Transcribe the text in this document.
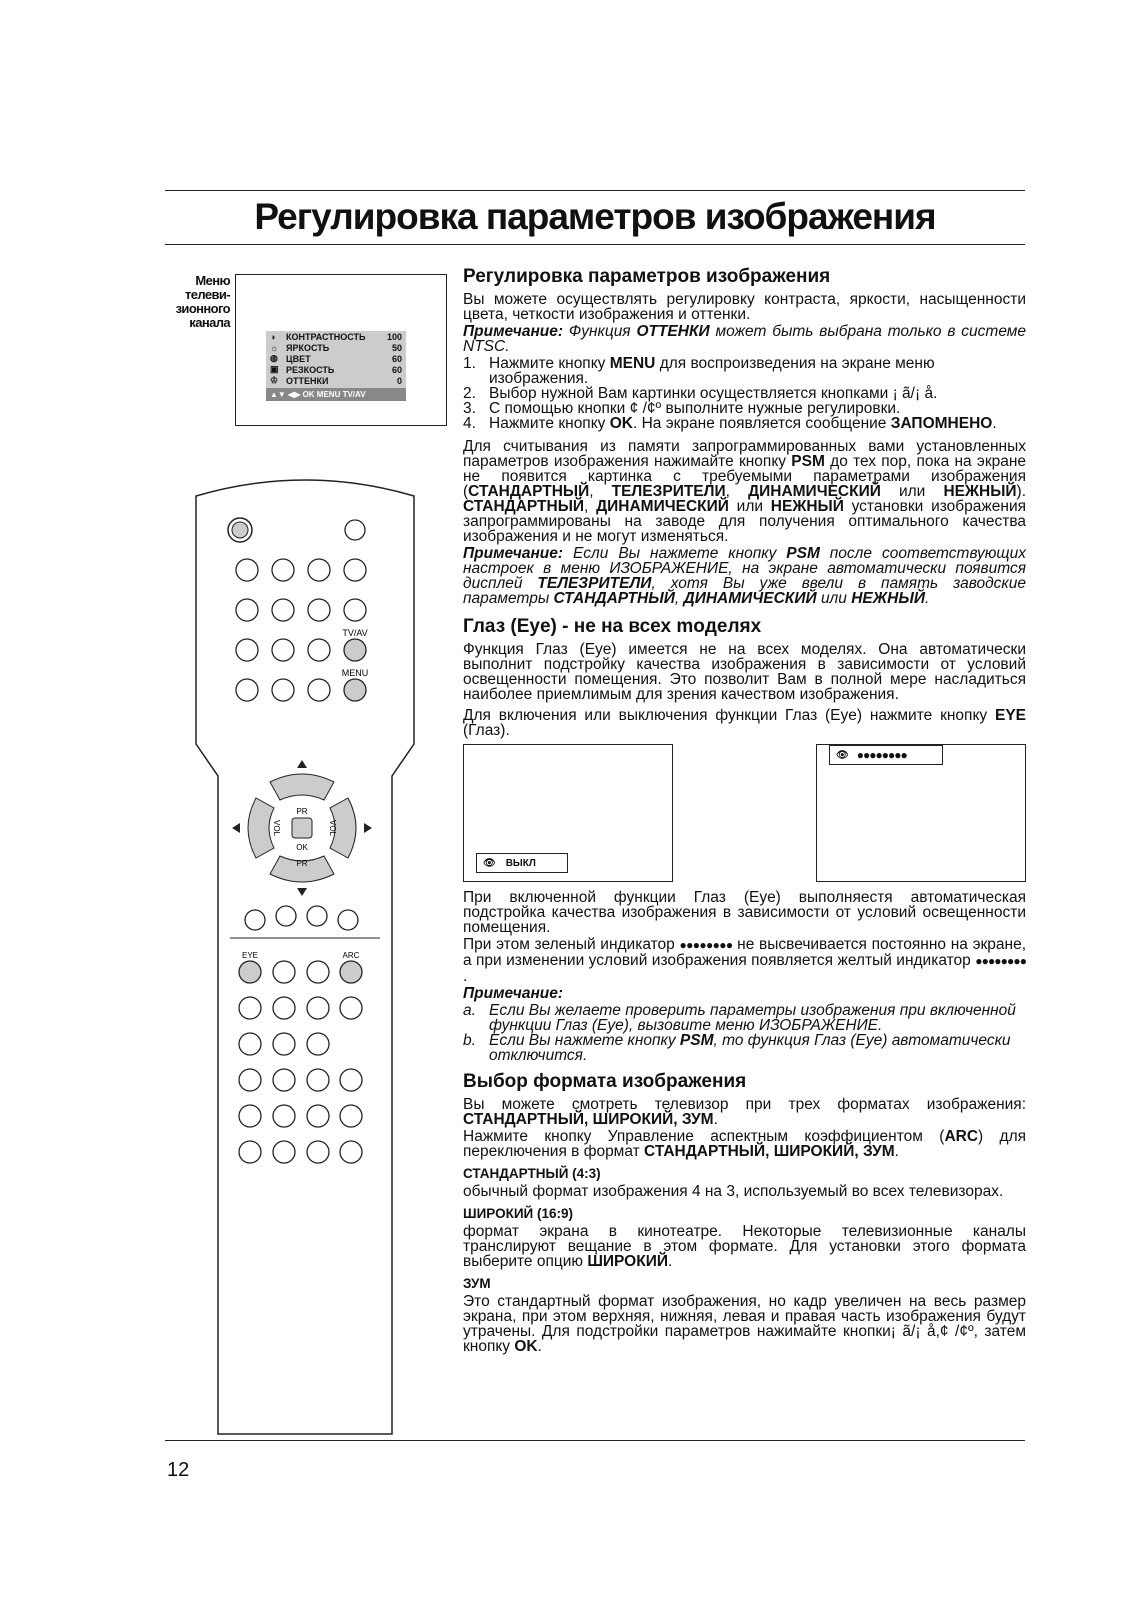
Регулировка параметров изображения
Меню
телеви-
зионного
канала
◑	КОНТРАСТНОСТЬ	100
☼ ЯРКОСТЬ	50
◍ ЦВЕТ	60
▣ РЕЗКОСТЬ	60
♔ ОТТЕНКИ	0
▲▼ ◀▶ OK MENU TV/AV
TV/AV
MENU
PR
OK
PR
VOL	VOL
EYE	ARC
Регулировка параметров изображения

Вы можете осуществлять регулировку контраста, яркости, насыщенности цвета, четкости изображения и оттенки.

Примечание: Функция ОТТЕНКИ может быть выбрана только в системе NTSC.

1. Нажмите кнопку MENU для воспроизведения на экране меню изображения.
2. Выбор нужной Вам картинки осуществляется кнопками ¡ ã/¡ å.
3. С помощью кнопки ¢ /¢º выполните нужные регулировки.
4. Нажмите кнопку OK. На экране появляется сообщение ЗАПОМНЕНО.

Для считывания из памяти запрограммированных вами установленных параметров изображения нажимайте кнопку PSM до тех пор, пока на экране не появится картинка с требуемыми параметрами изображения (СТАНДАРТНЫЙ, ТЕЛЕЗРИТЕЛИ, ДИНАМИЧЕСКИЙ или НЕЖНЫЙ). СТАНДАРТНЫЙ, ДИНАМИЧЕСКИЙ или НЕЖНЫЙ установки изображения запрограммированы на заводе для получения оптимального качества изображения и не могут изменяться.

Примечание: Если Вы нажмете кнопку PSM после соответствующих настроек в меню ИЗОБРАЖЕНИЕ, на экране автоматически появится дисплей ТЕЛЕЗРИТЕЛИ, хотя Вы уже ввели в память заводские параметры СТАНДАРТНЫЙ, ДИНАМИЧЕСКИЙ или НЕЖНЫЙ.

Глаз (Eye) - не на всех moделях

Функция Глаз (Eye) имеется не на всех моделях. Она автоматически выполнит подстройку качества изображения в зависимости от условий освещенности помещения. Это позволит Вам в полной мере насладиться наиболее приемлимым для зрения качеством изображения.

Для включения или выключения функции Глаз (Eye) нажмите кнопку EYE (Глаз).

👁 ВЫКЛ
👁 ●●●●●●●●

При включенной функции Глаз (Eye) выполняестя автоматическая подстройка качества изображения в зависимости от условий освещенности помещения.

При этом зеленый индикатор ●●●●●●●● не высвечивается постоянно на экране, а при изменении условий изображения появляется желтый индикатор ●●●●●●●● .

Примечание:

a. Если Вы желаете проверить параметры изображения при включенной функции Глаз (Eye), вызовите меню ИЗОБРАЖЕНИЕ.
b. Если Вы нажмете кнопку PSM, то функция Глаз (Eye) автоматически отключится.
Выбор формата изображения

Вы можете смотреть телевизор при трех форматах изображения: СТАНДАРТНЫЙ, ШИРОКИЙ, ЗУМ.

Нажмите кнопку Управление аспектным коэффициентом (ARC) для переключения в формат СТАНДАРТНЫЙ, ШИРОКИЙ, ЗУМ.

СТАНДАРТНЫЙ (4:3)

обычный формат изображения 4 на 3, используемый во всех телевизорах.

ШИРОКИЙ (16:9)

формат экрана в кинотеатре. Некоторые телевизионные каналы транслируют вещание в этом формате. Для установки этого формата выберите опцию ШИРОКИЙ.

ЗУМ

Это стандартный формат изображения, но кадр увеличен на весь размер экрана, при этом верхняя, нижняя, левая и правая часть изображения будут утрачены. Для подстройки параметров нажимайте кнопки¡ ã/¡ å,¢ /¢º, затем кнопку OK.

12
